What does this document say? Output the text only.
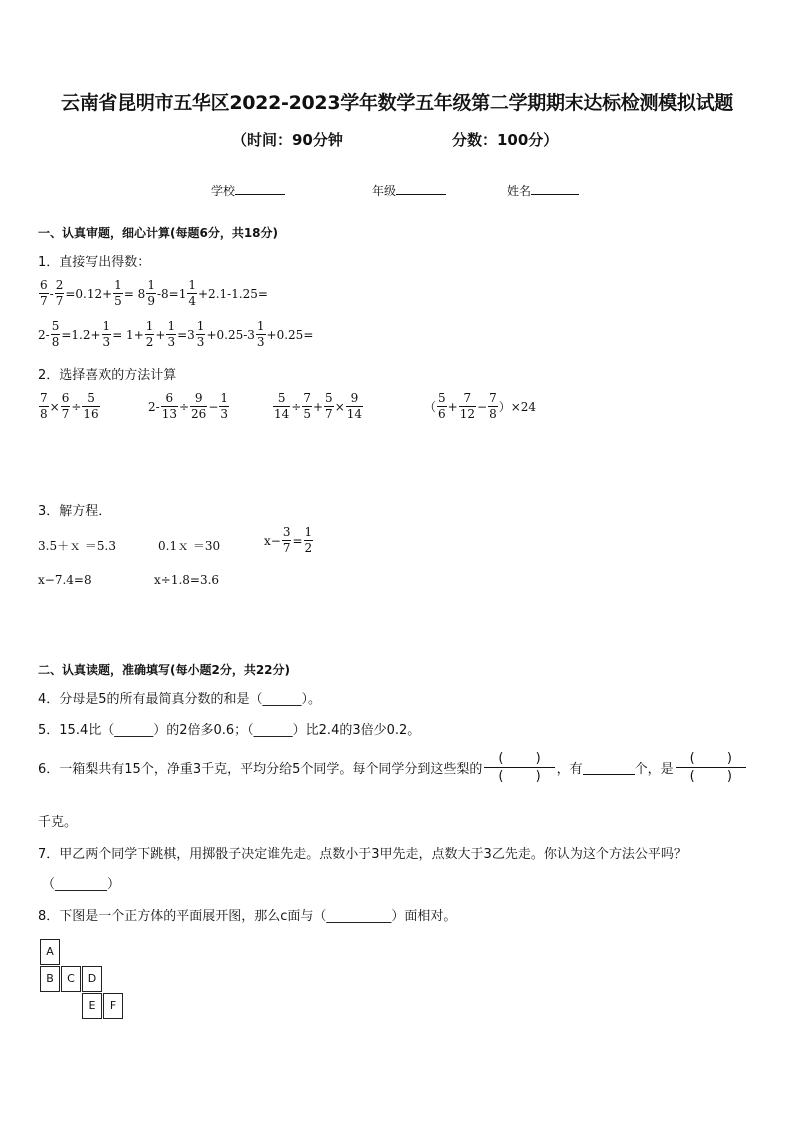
云南省昆明市五华区2022-2023学年数学五年级第二学期期末达标检测模拟试题
（时间：90分钟	分数：100分）
学校	年级	姓名
一、认真审题，细心计算(每题6分，共18分)
1．直接写出得数：
$\frac{6}{7} - \frac{2}{7} =0.12+ \frac{1}{5} = 8 \frac{1}{9} -8=1 \frac{1}{4} +2.1-1.25=$
$2- \frac{5}{8} =1.2+ \frac{1}{3} = 1+ \frac{1}{2} + \frac{1}{3} =3 \frac{1}{3} +0.25-3 \frac{1}{3} +0.25=$
2．选择喜欢的方法计算
$\frac{7}{8} \times \frac{6}{7} \div \frac{5}{16}$	$2- \frac{6}{13} \div \frac{9}{26} - \frac{1}{3}$	$\frac{5}{14} \div \frac{7}{5} + \frac{5}{7} \times \frac{9}{14}$	（ $\frac{5}{6} + \frac{7}{12} - \frac{7}{8} )\times 24$
3．解方程．
3.5＋ｘ ＝5.3	0.1ｘ ＝30	$x- \frac{3}{7} = \frac{1}{2}$
x−7.4=8	x÷1.8=3.6
二、认真读题，准确填写(每小题2分，共22分)
4．分母是5的所有最简真分数的和是（______）。
5．15.4比（______）的2倍多0.6；（______）比2.4的3倍少0.2。
6．一箱梨共有15个，净重3千克，平均分给5个同学。每个同学分到这些梨的
( )
( ) ，有	个，是
( )
( )
千克。
7．甲乙两个同学下跳棋，用掷骰子决定谁先走。点数小于3甲先走，点数大于3乙先走。你认为这个方法公平吗？
（________）
8．下图是一个正方体的平面展开图，那么c面与（__________）面相对。
A
B	C	D
E	F
